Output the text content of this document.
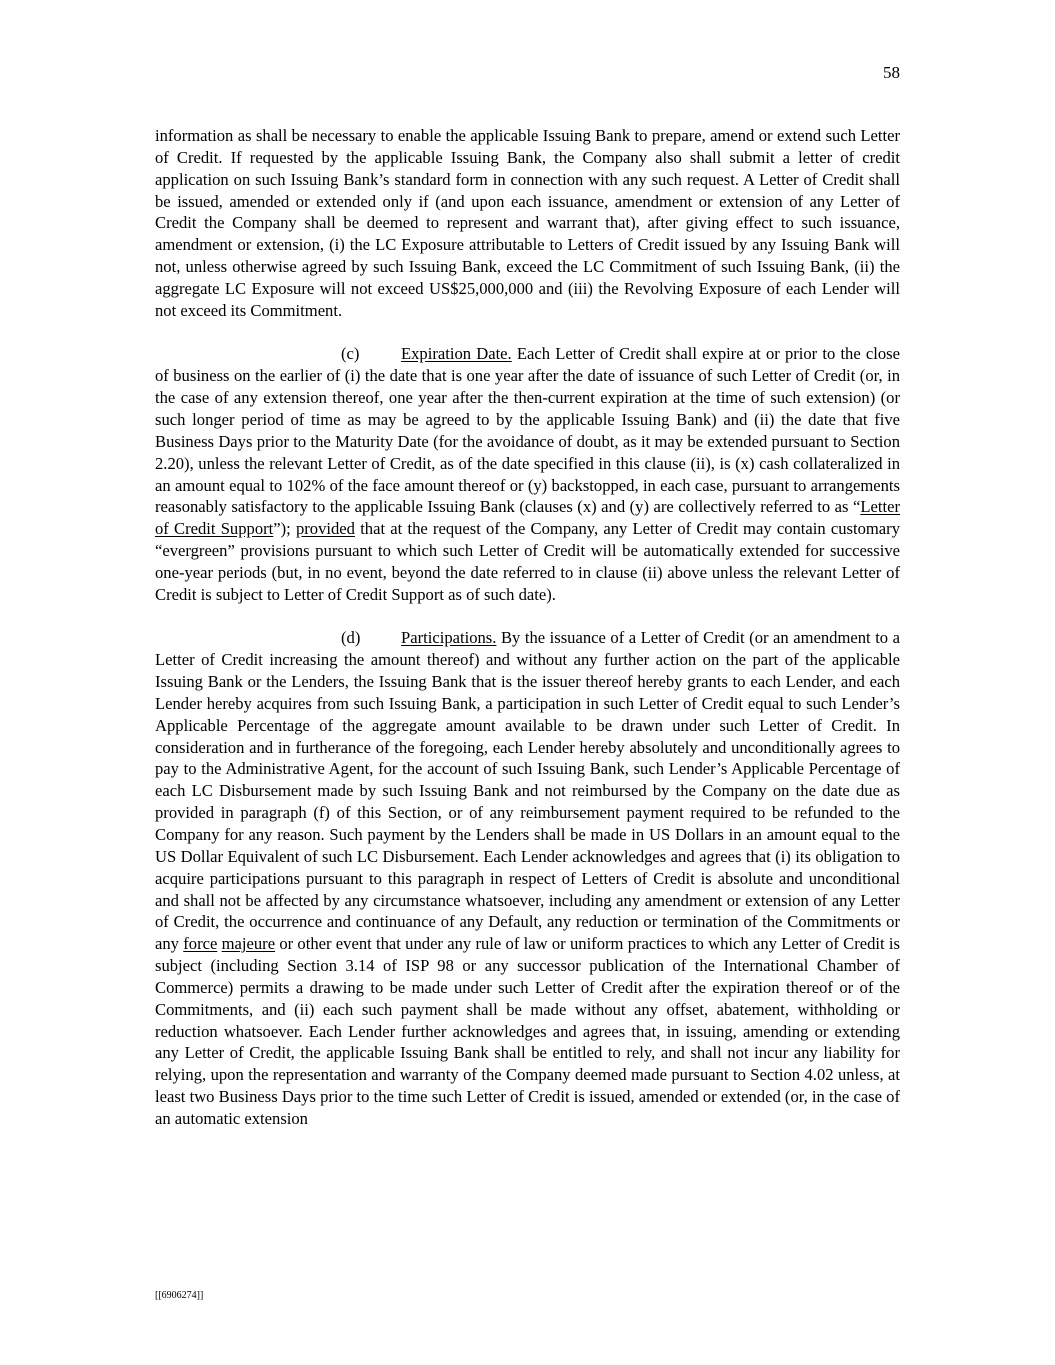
58

information as shall be necessary to enable the applicable Issuing Bank to prepare, amend or extend such Letter of Credit. If requested by the applicable Issuing Bank, the Company also shall submit a letter of credit application on such Issuing Bank’s standard form in connection with any such request. A Letter of Credit shall be issued, amended or extended only if (and upon each issuance, amendment or extension of any Letter of Credit the Company shall be deemed to represent and warrant that), after giving effect to such issuance, amendment or extension, (i) the LC Exposure attributable to Letters of Credit issued by any Issuing Bank will not, unless otherwise agreed by such Issuing Bank, exceed the LC Commitment of such Issuing Bank, (ii) the aggregate LC Exposure will not exceed US$25,000,000 and (iii) the Revolving Exposure of each Lender will not exceed its Commitment.

(c)	Expiration Date. Each Letter of Credit shall expire at or prior to the close of business on the earlier of (i) the date that is one year after the date of issuance of such Letter of Credit (or, in the case of any extension thereof, one year after the then-current expiration at the time of such extension) (or such longer period of time as may be agreed to by the applicable Issuing Bank) and (ii) the date that five Business Days prior to the Maturity Date (for the avoidance of doubt, as it may be extended pursuant to Section 2.20), unless the relevant Letter of Credit, as of the date specified in this clause (ii), is (x) cash collateralized in an amount equal to 102% of the face amount thereof or (y) backstopped, in each case, pursuant to arrangements reasonably satisfactory to the applicable Issuing Bank (clauses (x) and (y) are collectively referred to as “Letter of Credit Support”); provided that at the request of the Company, any Letter of Credit may contain customary “evergreen” provisions pursuant to which such Letter of Credit will be automatically extended for successive one-year periods (but, in no event, beyond the date referred to in clause (ii) above unless the relevant Letter of Credit is subject to Letter of Credit Support as of such date).

(d) Participations. By the issuance of a Letter of Credit (or an amendment to a Letter of Credit increasing the amount thereof) and without any further action on the part of the applicable Issuing Bank or the Lenders, the Issuing Bank that is the issuer thereof hereby grants to each Lender, and each Lender hereby acquires from such Issuing Bank, a participation in such Letter of Credit equal to such Lender’s Applicable Percentage of the aggregate amount available to be drawn under such Letter of Credit. In consideration and in furtherance of the foregoing, each Lender hereby absolutely and unconditionally agrees to pay to the Administrative Agent, for the account of such Issuing Bank, such Lender’s Applicable Percentage of each LC Disbursement made by such Issuing Bank and not reimbursed by the Company on the date due as provided in paragraph (f) of this Section, or of any reimbursement payment required to be refunded to the Company for any reason. Such payment by the Lenders shall be made in US Dollars in an amount equal to the US Dollar Equivalent of such LC Disbursement. Each Lender acknowledges and agrees that (i) its obligation to acquire participations pursuant to this paragraph in respect of Letters of Credit is absolute and unconditional and shall not be affected by any circumstance whatsoever, including any amendment or extension of any Letter of Credit, the occurrence and continuance of any Default, any reduction or termination of the Commitments or any force majeure or other event that under any rule of law or uniform practices to which any Letter of Credit is subject (including Section 3.14 of ISP 98 or any successor publication of the International Chamber of Commerce) permits a drawing to be made under such Letter of Credit after the expiration thereof or of the Commitments, and (ii) each such payment shall be made without any offset, abatement, withholding or reduction whatsoever. Each Lender further acknowledges and agrees that, in issuing, amending or extending any Letter of Credit, the applicable Issuing Bank shall be entitled to rely, and shall not incur any liability for relying, upon the representation and warranty of the Company deemed made pursuant to Section 4.02 unless, at least two Business Days prior to the time such Letter of Credit is issued, amended or extended (or, in the case of an automatic extension

[[6906274]]
